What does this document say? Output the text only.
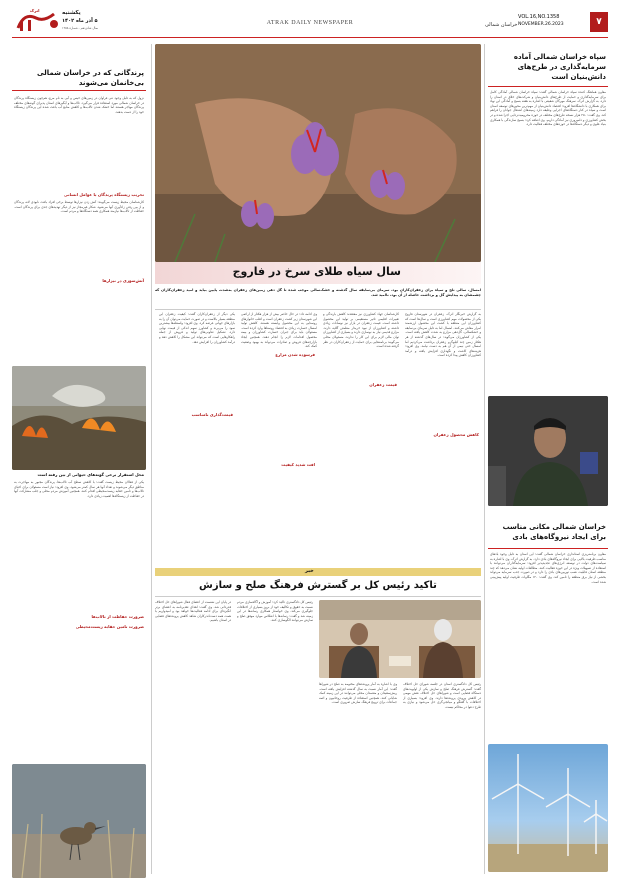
اترک	یکشنبه
۵ آذر ماه ۱۴۰۲
سال شانزدهم - شماره ۱۳۵۸
ATRAK DAILY NEWSPAPER
VOL.16,NO.1358
NOVEMBER.26.2023
خراسان شمالی	۷
سپاه خراسان شمالی آماده سرمایه‌گذاری در طرح‌های دانش‌بنیان است
معاون هماهنگ کننده سپاه خراسان شمالی گفت: سپاه خراسان شمالی آمادگی کامل برای سرمایه‌گذاری و حمایت از طرح‌های دانش‌بنیان و شرکت‌های خلاق در استان را دارد. به گزارش اترک، سرهنگ مهرگان شفیعی با اشاره به هفته بسیج و آمادگی این نهاد برای همکاری با دانشگاه‌ها افزود: اقتصاد دانش‌بنیان از مهم‌ترین محورهای توسعه استان است و سپاه در کنار دستگاه‌های اجرایی وظیفه دارد زمینه‌های اشتغال جوانان را فراهم کند. وی گفت: ۲۵۰ هزار نسخه طرح‌های مختلف در حوزه محرومیت‌زدایی اجرا شده و در بخش کشاورزی و دامپروری نیز آمادگی داریم. وی اضافه کرد: بسیج سازندگی با همکاری بنیاد علوی و دیگر دستگاه‌ها در حوزه‌های مختلف فعالیت دارد.
خراسان شمالی مکانی مناسب برای ایجاد نیروگاه‌های بادی
معاون برنامه‌ریزی استانداری خراسان شمالی گفت: این استان به دلیل وجود بادهای مناسب ظرفیت بالایی برای ایجاد نیروگاه‌های بادی دارد. به گزارش اترک، وی با اشاره به سیاست‌های دولت در توسعه انرژی‌های تجدیدپذیر افزود: سرمایه‌گذاران می‌توانند با استفاده از تسهیلات ویژه در این حوزه فعالیت کنند. مطالعات اولیه نشان می‌دهد که چند منطقه استان قابلیت نصب توربین‌های بادی را دارد و در صورت جذب سرمایه می‌تواند بخشی از نیاز برق منطقه را تامین کند. وی گفت: ۱۲۰ مگاوات ظرفیت اولیه پیش‌بینی شده است.
سال سیاه طلای سرخ در فاروج
امسال، سالی تلخ و سیاه برای زعفران‌کاران بود، سرمای بی‌سابقه سال گذشته و خشک‌سالی موجب شده تا گل دهی زمین‌های زعفران به‌شدت پایین بیاید و امید زعفران‌کاران که چشمشان به پیدایش گل و برداشت حاصله از آن بود، ناامید شد.
به گزارش خبرنگار اترک، زعفران در شهرستان فاروج یکی از محصولات مهم کشاورزی است و سال‌ها است که کشاورزان این منطقه با کشت این محصول ارزشمند امرار معاش می‌کنند. امسال اما به دلیل سرمای بی‌سابقه و خشکسالی، گل‌دهی مزارع به شدت کاهش یافته است. یکی از کشاورزان می‌گوید: در سال‌های گذشته از هر هکتار زمین چند کیلوگرم زعفران برداشت می‌کردیم اما امسال حتی نیمی از آن هم به دست نیامد. وی افزود: هزینه‌های کاشت و نگهداری افزایش یافته و درآمد کشاورزان کاهش پیدا کرده است.
کارشناسان جهاد کشاورزی نیز معتقدند کاهش بارندگی و تغییرات اقلیمی تاثیر مستقیمی بر تولید این محصول داشته است. قیمت زعفران در بازار نیز نوسانات زیادی داشته و کشاورزان از نبود خریدار مطمئن گلایه دارند. مزارع قدیمی نیاز به نوسازی دارند و بسیاری از کشاورزان توان مالی لازم برای این کار را ندارند. مسئولان محلی می‌گویند برنامه‌هایی برای حمایت از زعفران‌کاران در نظر گرفته شده است.
وی ادامه داد: در حال حاضر بیش از هزار هکتار از اراضی این شهرستان زیر کشت زعفران است و اغلب خانوارهای روستایی به این محصول وابسته هستند. کاهش تولید امسال خسارت زیادی به اقتصاد روستاها وارد کرده است. مسئولان باید برای جبران خسارت کشاورزان و بیمه محصول اقدامات لازم را انجام دهند. همچنین ایجاد بازارچه‌های فروش و صادرات می‌تواند به بهبود وضعیت کمک کند.
یکی دیگر از زعفران‌کاران گفت: کیفیت زعفران این منطقه بسیار بالاست و در صورت حمایت می‌توان آن را به بازارهای جهانی عرضه کرد. وی افزود: واسطه‌ها بیشترین سود را می‌برند و کشاورز سهم اندکی از قیمت نهایی دارد. تشکیل تعاونی‌های تولید و فروش از جمله راهکارهایی است که می‌تواند این مشکل را کاهش دهد و درآمد کشاورزان را افزایش دهد.
کاهش محصول زعفران
قیمت زعفران
فرسوده شدن مزارع
افت شدید کیفیت
قیمت‌گذاری نامناسب
خبر
تاکید رئیس کل بر گسترش فرهنگ صلح و سازش
رئیس کل دادگستری استان در جلسه شورای حل اختلاف گفت: گسترش فرهنگ صلح و سازش یکی از اولویت‌های دستگاه قضایی است و شوراهای حل اختلاف نقش مهمی در کاهش ورودی پرونده‌ها دارند. وی افزود: بسیاری از اختلافات با گفتگو و میانجی‌گری حل می‌شود و نیازی به طرح دعوا در محاکم نیست.
وی با اشاره به آمار پرونده‌های مختومه به صلح در شوراها گفت: این آمار نسبت به سال گذشته افزایش یافته است. ریش‌سفیدان و معتمدان محلی می‌توانند در این زمینه کمک شایانی کنند. همچنین استفاده از ظرفیت روحانیون و ائمه جماعات برای ترویج فرهنگ سازش ضروری است.
رئیس کل دادگستری تاکید کرد: آموزش و آگاه‌سازی مردم نسبت به حقوق و تکالیف خود از بروز بسیاری از اختلافات جلوگیری می‌کند. وی خواستار همکاری رسانه‌ها در این زمینه شد و گفت: رسانه‌ها با انعکاس موارد موفق صلح و سازش می‌توانند الگوسازی کنند.
در پایان این نشست از اعضای فعال شوراهای حل اختلاف قدردانی شد. وی گفت: اهدای تقدیرنامه به اعضای برتر انگیزه‌ای برای ادامه فعالیت‌ها خواهد بود و امیدواریم با همت همه دست‌اندرکاران شاهد کاهش پرونده‌های قضایی در استان باشیم.
پرندگانی که در خراسان شمالی بی‌خانمان می‌شوند
نزول که به دلیل وجود تنی فراوان در زمین‌های خیس و آبی به نام مرغ، هم‌چون زیستگاه پرندگان در خراسان شمالی مورد استفاده قرار می‌گیرد. تالاب‌ها و آبگیرهای استان پذیرای گونه‌های مختلف پرندگان مهاجر هستند اما خشک شدن تالاب‌ها و کاهش منابع آب باعث شده این پرندگان زیستگاه خود را از دست بدهند.
تخریب زیستگاه پرندگان با عوامل انسانی
کارشناسان محیط زیست می‌گویند: آتش زدن نیزارها توسط برخی افراد باعث نابودی لانه پرندگان و از بین رفتن زادآوری آنها می‌شود. شکار غیرمجاز نیز از دیگر تهدیدهای جدی برای پرندگان است. حفاظت از تالاب‌ها نیازمند همکاری همه دستگاه‌ها و مردم است.
آتش‌سوزی در نیزارها
محل استقرار برخی گونه‌های حیوانی از بین رفته است
یکی از فعالان محیط زیست گفت: با کاهش سطح آب تالاب‌ها، پرندگان مجبور به مهاجرت به مناطق دیگر می‌شوند و تعداد آنها هر سال کمتر می‌شود. وی افزود: نیاز است مسئولان برای احیای تالاب‌ها و تامین حقابه زیست‌محیطی اقدام کنند. همچنین آموزش مردم محلی و جلب مشارکت آنها در حفاظت از زیستگاه‌ها اهمیت زیادی دارد.
ضرورت حفاظت از تالاب‌ها
ضرورت تامین حقابه زیست‌محیطی
